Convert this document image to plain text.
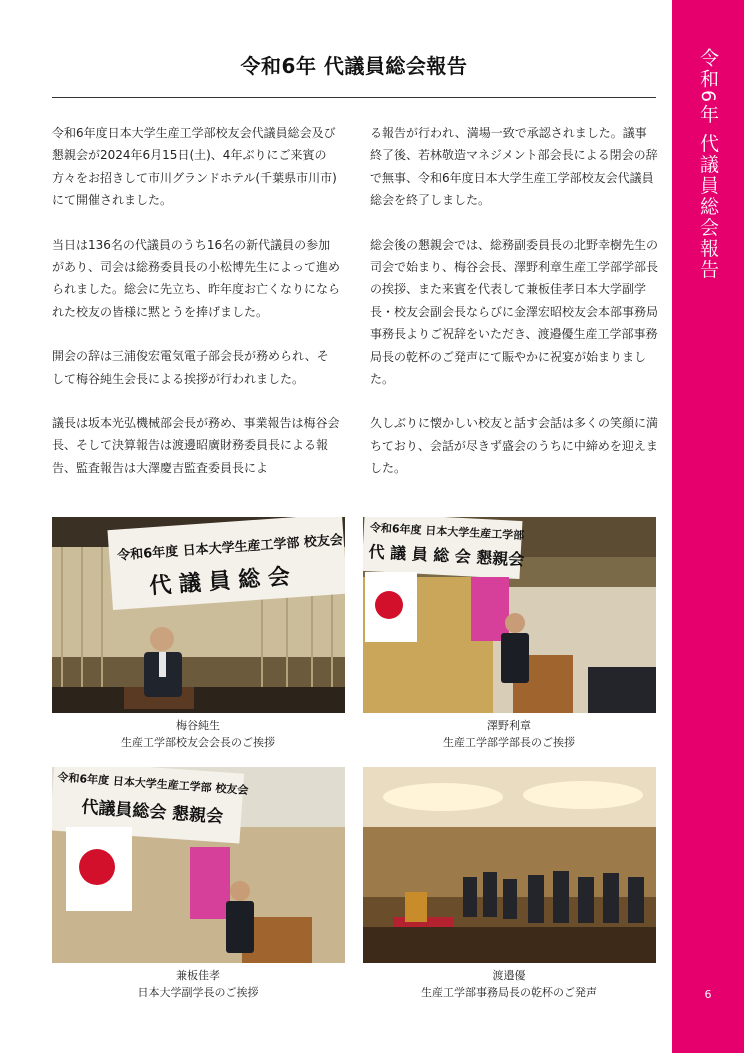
令和6年 代議員総会報告
6
令和6年 代議員総会報告

令和6年度日本大学生産工学部校友会代議員総会及び懇親会が2024年6月15日(土)、4年ぶりにご来賓の方々をお招きして市川グランドホテル(千葉県市川市)にて開催されました。

当日は136名の代議員のうち16名の新代議員の参加があり、司会は総務委員長の小松博先生によって進められました。総会に先立ち、昨年度お亡くなりになられた校友の皆様に黙とうを捧げました。

開会の辞は三浦俊宏電気電子部会長が務められ、そして梅谷純生会長による挨拶が行われました。

議長は坂本光弘機械部会長が務め、事業報告は梅谷会長、そして決算報告は渡邊昭廣財務委員長による報告、監査報告は大澤慶吉監査委員長によ

る報告が行われ、満場一致で承認されました。議事終了後、若林敬造マネジメント部会長による閉会の辞で無事、令和6年度日本大学生産工学部校友会代議員総会を終了しました。

総会後の懇親会では、総務副委員長の北野幸樹先生の司会で始まり、梅谷会長、澤野利章生産工学部学部長の挨拶、また来賓を代表して兼板佳孝日本大学副学長・校友会副会長ならびに金澤宏昭校友会本部事務局事務長よりご祝辞をいただき、渡邉優生産工学部事務局長の乾杯のご発声にて賑やかに祝宴が始まりました。

久しぶりに懐かしい校友と話す会話は多くの笑顔に満ちており、会話が尽きず盛会のうちに中締めを迎えました。

令和6年度 日本大学生産工学部 校友会
代 議 員 総 会
梅谷純生
生産工学部校友会会長のご挨拶
令和6年度 日本大学生産工学部
代 議 員 総 会 懇親会
澤野利章
生産工学部学部長のご挨拶
令和6年度 日本大学生産工学部 校友会
代議員総会 懇親会
兼板佳孝
日本大学副学長のご挨拶
渡邉優
生産工学部事務局長の乾杯のご発声
